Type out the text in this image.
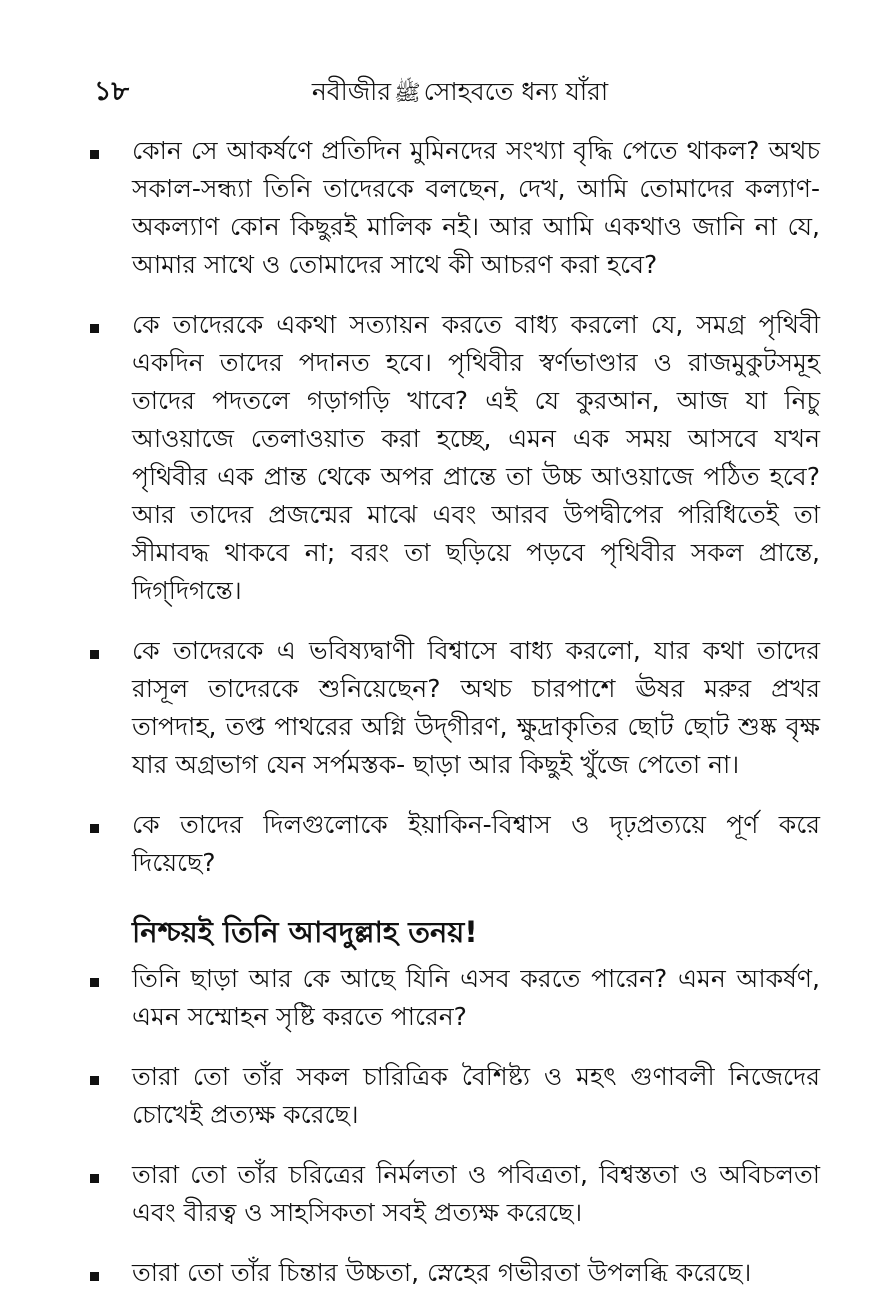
১৮	নবীজীর ﷺ সোহবতে ধন্য যাঁরা
কোন সে আকর্ষণে প্রতিদিন মুমিনদের সংখ্যা বৃদ্ধি পেতে থাকল? অথচ সকাল-সন্ধ্যা তিনি তাদেরকে বলছেন, দেখ, আমি তোমাদের কল্যাণ-অকল্যাণ কোন কিছুরই মালিক নই। আর আমি একথাও জানি না যে, আমার সাথে ও তোমাদের সাথে কী আচরণ করা হবে?
কে তাদেরকে একথা সত্যায়ন করতে বাধ্য করলো যে, সমগ্র পৃথিবী একদিন তাদের পদানত হবে। পৃথিবীর স্বর্ণভাণ্ডার ও রাজমুকুটসমূহ তাদের পদতলে গড়াগড়ি খাবে? এই যে কুরআন, আজ যা নিচু আওয়াজে তেলাওয়াত করা হচ্ছে, এমন এক সময় আসবে যখন পৃথিবীর এক প্রান্ত থেকে অপর প্রান্তে তা উচ্চ আওয়াজে পঠিত হবে? আর তাদের প্রজন্মের মাঝে এবং আরব উপদ্বীপের পরিধিতেই তা সীমাবদ্ধ থাকবে না; বরং তা ছড়িয়ে পড়বে পৃথিবীর সকল প্রান্তে, দিগ্‌দিগন্তে।
কে তাদেরকে এ ভবিষ্যদ্বাণী বিশ্বাসে বাধ্য করলো, যার কথা তাদের রাসূল তাদেরকে শুনিয়েছেন? অথচ চারপাশে ঊষর মরুর প্রখর তাপদাহ, তপ্ত পাথরের অগ্নি উদ্‌গীরণ, ক্ষুদ্রাকৃতির ছোট ছোট শুষ্ক বৃক্ষ যার অগ্রভাগ যেন সর্পমস্তক- ছাড়া আর কিছুই খুঁজে পেতো না।
কে তাদের দিলগুলোকে ইয়াকিন-বিশ্বাস ও দৃঢ়প্রত্যয়ে পূর্ণ করে দিয়েছে?
নিশ্চয়ই তিনি আবদুল্লাহ তনয়!
তিনি ছাড়া আর কে আছে যিনি এসব করতে পারেন? এমন আকর্ষণ, এমন সম্মোহন সৃষ্টি করতে পারেন?
তারা তো তাঁর সকল চারিত্রিক বৈশিষ্ট্য ও মহৎ গুণাবলী নিজেদের চোখেই প্রত্যক্ষ করেছে।
তারা তো তাঁর চরিত্রের নির্মলতা ও পবিত্রতা, বিশ্বস্ততা ও অবিচলতা এবং বীরত্ব ও সাহসিকতা সবই প্রত্যক্ষ করেছে।
তারা তো তাঁর চিন্তার উচ্চতা, স্নেহের গভীরতা উপলব্ধি করেছে।
